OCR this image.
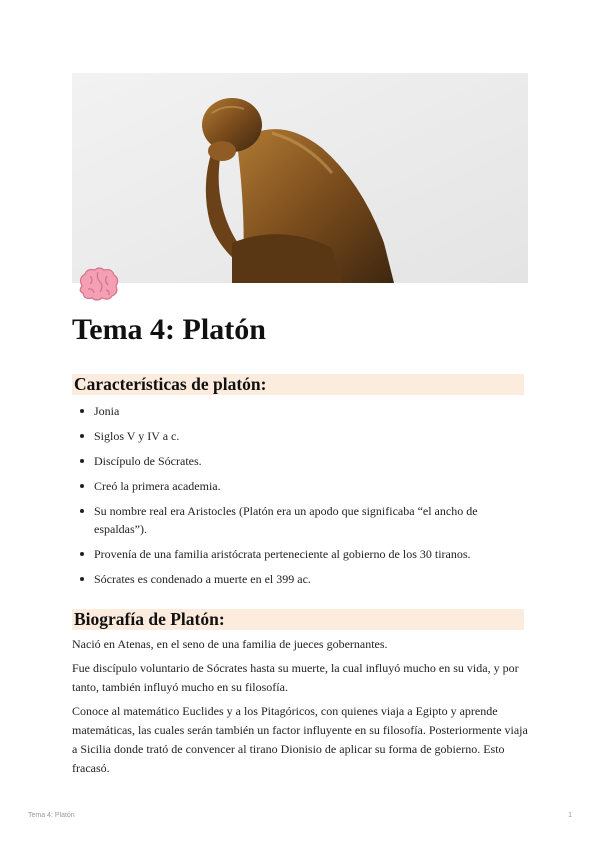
Tema 4: Platón
Características de platón:
Jonia
Siglos V y IV a c.
Discípulo de Sócrates.
Creó la primera academia.
Su nombre real era Aristocles (Platón era un apodo que significaba “el ancho de espaldas”).
Provenía de una familia aristócrata perteneciente al gobierno de los 30 tiranos.
Sócrates es condenado a muerte en el 399 ac.
Biografía de Platón:

Nació en Atenas, en el seno de una familia de jueces gobernantes.

Fue discípulo voluntario de Sócrates hasta su muerte, la cual influyó mucho en su vida, y por tanto, también influyó mucho en su filosofía.

Conoce al matemático Euclides y a los Pitagóricos, con quienes viaja a Egipto y aprende matemáticas, las cuales serán también un factor influyente en su filosofía. Posteriormente viaja a Sicilia donde trató de convencer al tirano Dionisio de aplicar su forma de gobierno. Esto fracasó.

Tema 4: Platón	1
